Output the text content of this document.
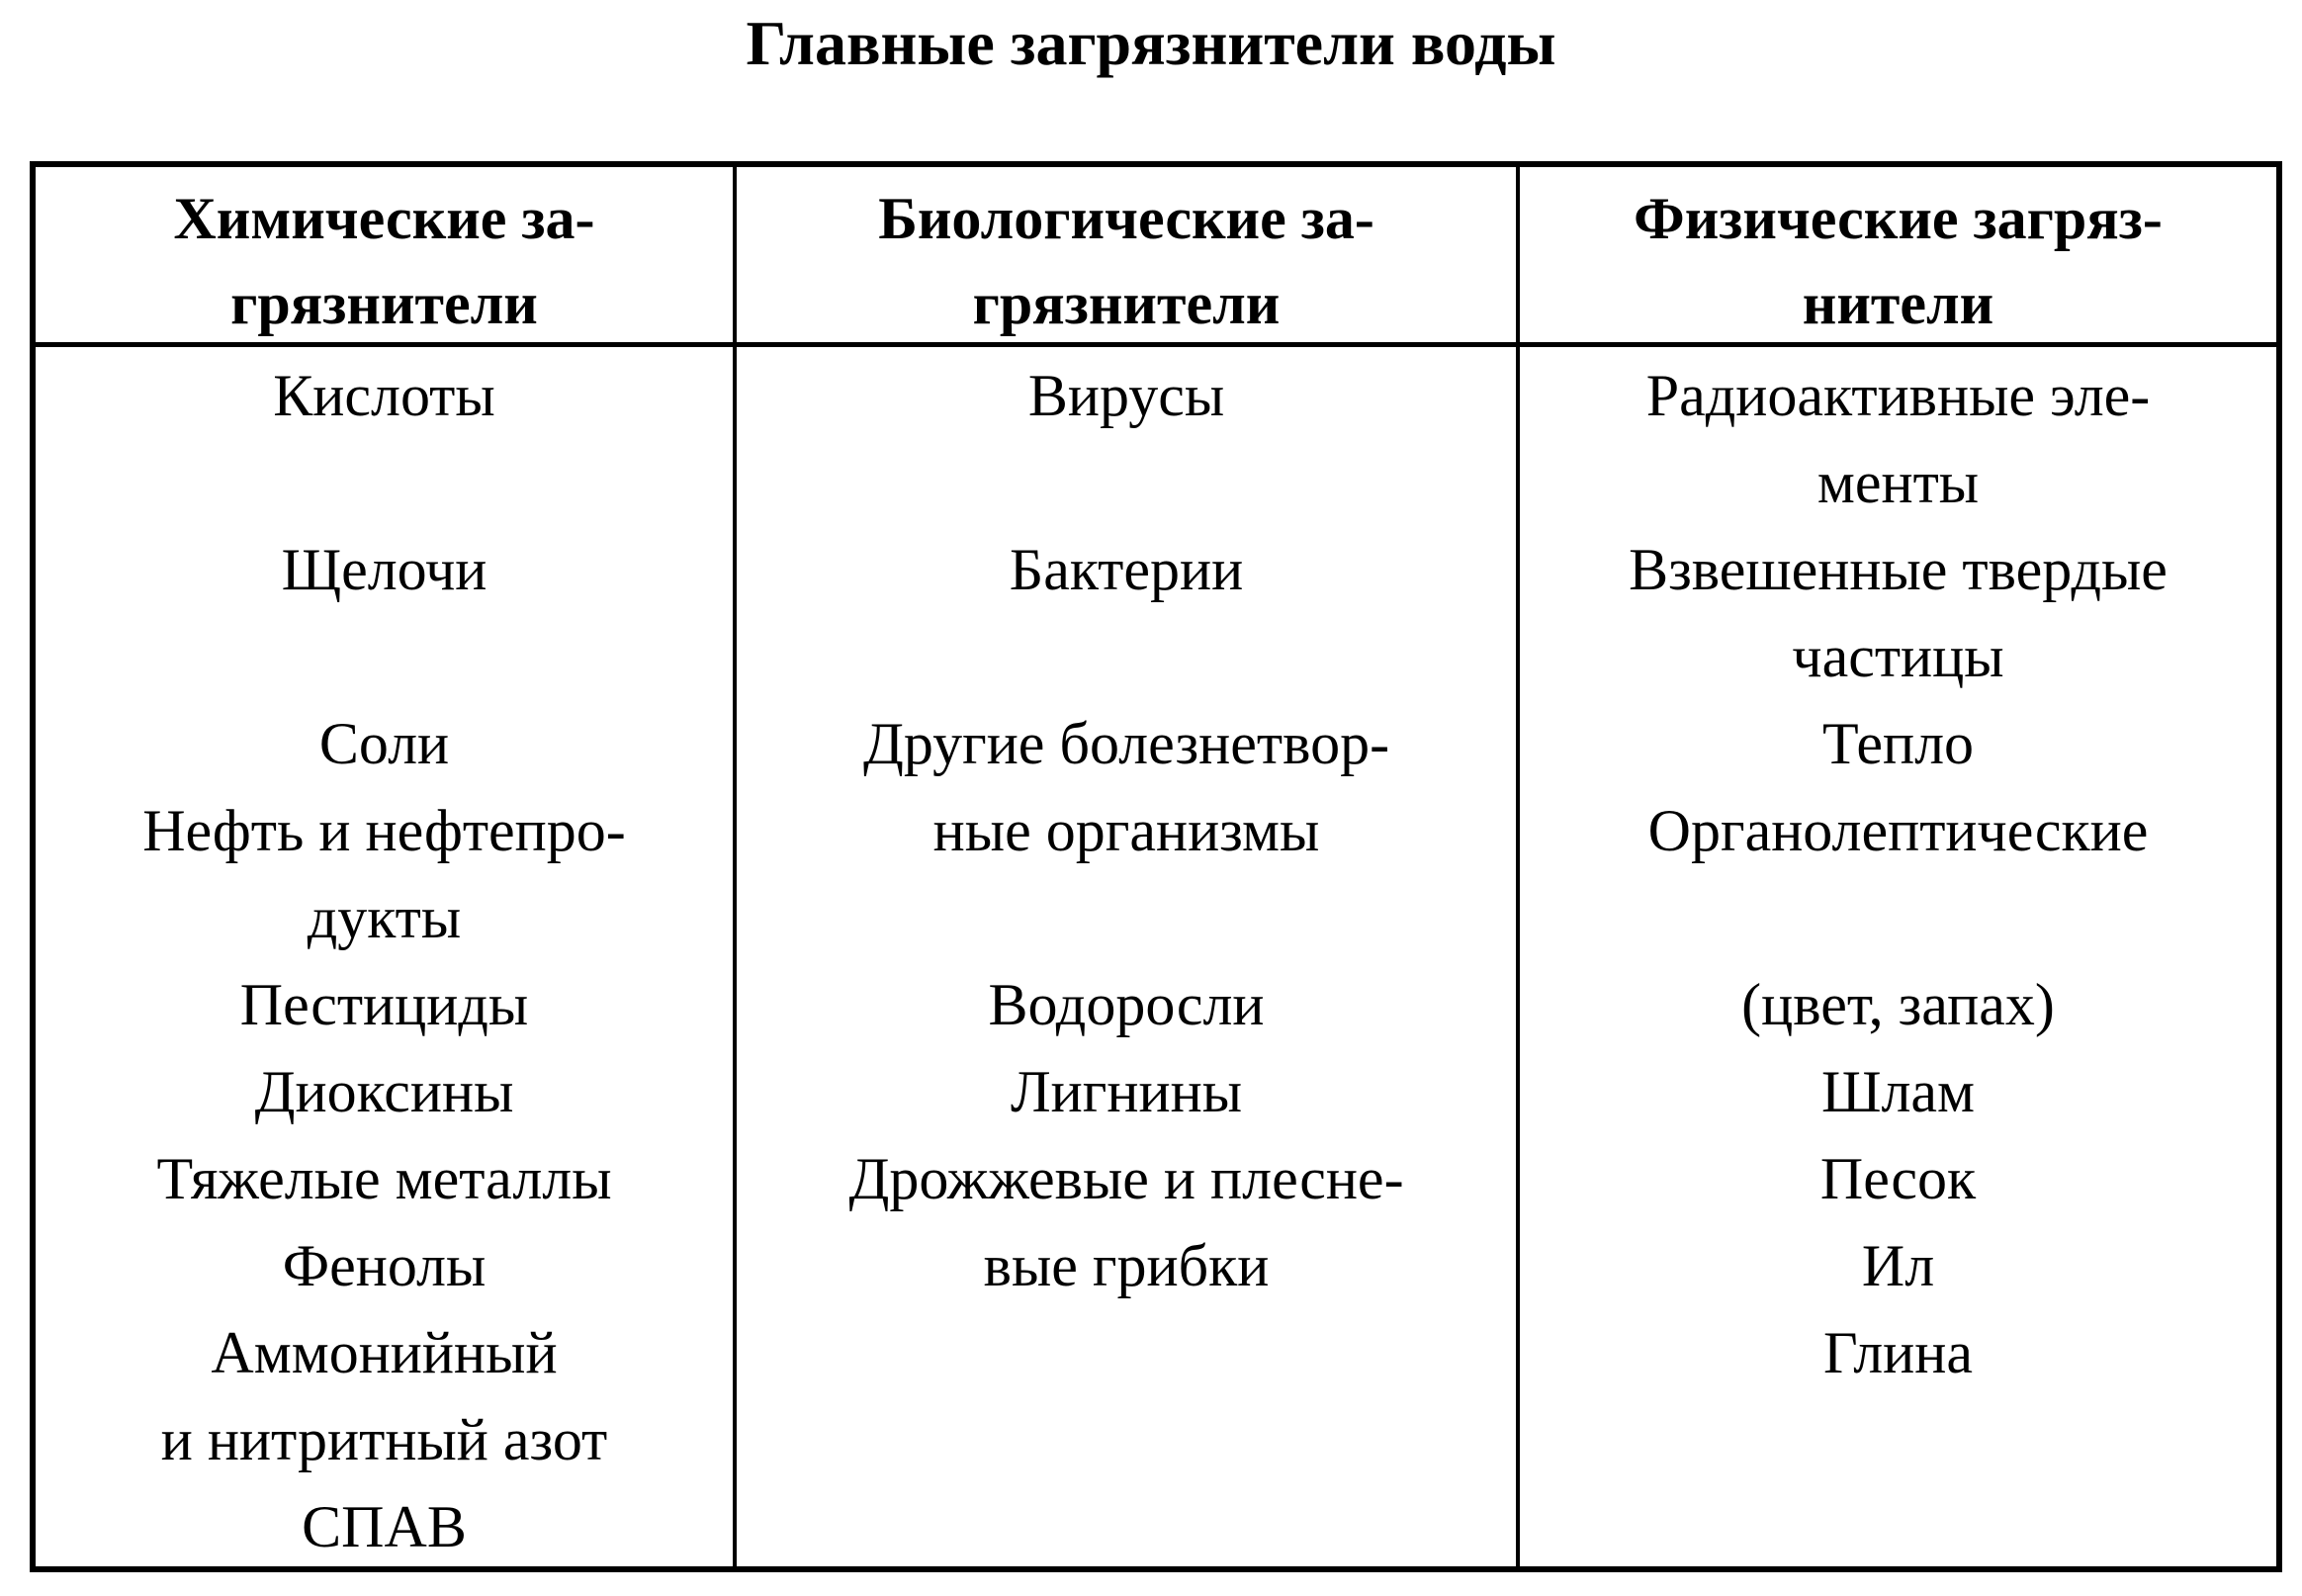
Главные загрязнители воды
Химические за-
грязнители
Биологические за-
грязнители
Физические загряз-
нители
Кислоты
Щелочи
Соли
Нефть и нефтепро-
дукты
Пестициды
Диоксины
Тяжелые металлы
Фенолы
Аммонийный
и нитритный азот
СПАВ
Вирусы
Бактерии
Другие болезнетвор-
ные организмы
Водоросли
Лигнины
Дрожжевые и плесне-
вые грибки
Радиоактивные эле-
менты
Взвешенные твердые
частицы
Тепло
Органолептические
(цвет, запах)
Шлам
Песок
Ил
Глина
